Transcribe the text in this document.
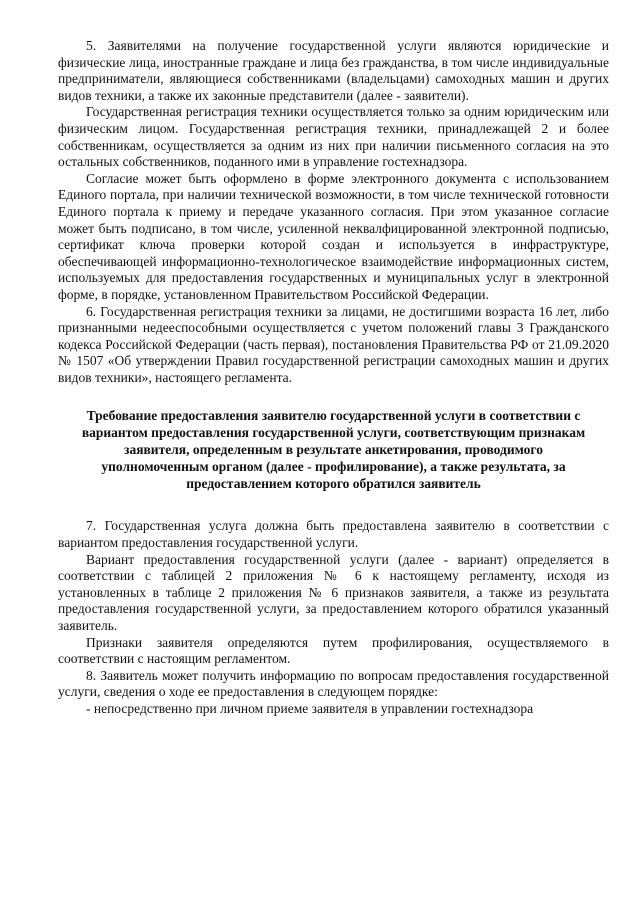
5. Заявителями на получение государственной услуги являются юридические и физические лица, иностранные граждане и лица без гражданства, в том числе индивидуальные предприниматели, являющиеся собственниками (владельцами) самоходных машин и других видов техники, а также их законные представители (далее - заявители).

Государственная регистрация техники осуществляется только за одним юридическим или физическим лицом. Государственная регистрация техники, принадлежащей 2 и более собственникам, осуществляется за одним из них при наличии письменного согласия на это остальных собственников, поданного ими в управление гостехнадзора.

Согласие может быть оформлено в форме электронного документа с использованием Единого портала, при наличии технической возможности, в том числе технической готовности Единого портала к приему и передаче указанного согласия. При этом указанное согласие может быть подписано, в том числе, усиленной неквалфицированной электронной подписью, сертификат ключа проверки которой создан и используется в инфраструктуре, обеспечивающей информационно-технологическое взаимодействие информационных систем, используемых для предоставления государственных и муниципальных услуг в электронной форме, в порядке, установленном Правительством Российской Федерации.

6. Государственная регистрация техники за лицами, не достигшими возраста 16 лет, либо признанными недееспособными осуществляется с учетом положений главы 3 Гражданского кодекса Российской Федерации (часть первая), постановления Правительства РФ от 21.09.2020 № 1507 «Об утверждении Правил государственной регистрации самоходных машин и других видов техники», настоящего регламента.

Требование предоставления заявителю государственной услуги в соответствии с вариантом предоставления государственной услуги, соответствующим признакам заявителя, определенным в результате анкетирования, проводимого уполномоченным органом (далее - профилирование), а также результата, за предоставлением которого обратился заявитель

7. Государственная услуга должна быть предоставлена заявителю в соответствии с вариантом предоставления государственной услуги.

Вариант предоставления государственной услуги (далее - вариант) определяется в соответствии с таблицей 2 приложения № 6 к настоящему регламенту, исходя из установленных в таблице 2 приложения № 6 признаков заявителя, а также из результата предоставления государственной услуги, за предоставлением которого обратился указанный заявитель.

Признаки заявителя определяются путем профилирования, осуществляемого в соответствии с настоящим регламентом.

8. Заявитель может получить информацию по вопросам предоставления государственной услуги, сведения о ходе ее предоставления в следующем порядке:

- непосредственно при личном приеме заявителя в управлении гостехнадзора
